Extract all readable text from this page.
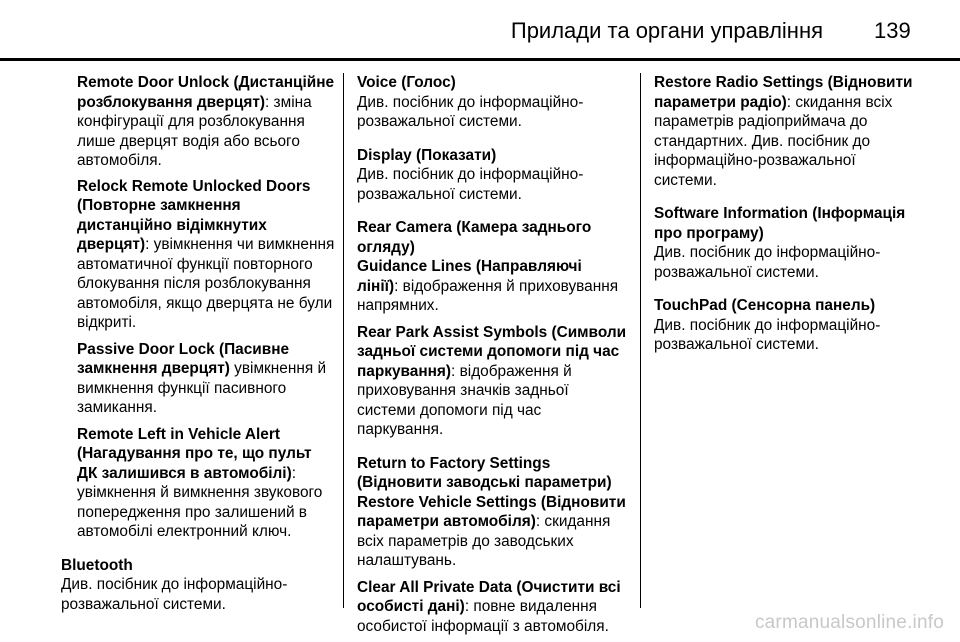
Прилади та органи управління 139

Remote Door Unlock (Дистанційне розблокування дверцят): зміна конфігурації для розблокування лише дверцят водія або всього автомобіля.

Relock Remote Unlocked Doors (Повторне замкнення дистанційно відімкнутих дверцят): увімкнення чи вимкнення автоматичної функції повторного блокування після розблокування автомобіля, якщо дверцята не були відкриті.

Passive Door Lock (Пасивне замкнення дверцят) увімкнення й вимкнення функції пасивного замикання.

Remote Left in Vehicle Alert (Нагадування про те, що пульт ДК залишився в автомобілі): увімкнення й вимкнення звукового попередження про залишений в автомобілі електронний ключ.

Bluetooth
Див. посібник до інформаційно-розважальної системи.

Voice (Голос)
Див. посібник до інформаційно-розважальної системи.

Display (Показати)
Див. посібник до інформаційно-розважальної системи.

Rear Camera (Камера заднього огляду)

Guidance Lines (Направляючі лінії): відображення й приховування напрямних.

Rear Park Assist Symbols (Символи задньої системи допомоги під час паркування): відображення й приховування значків задньої системи допомоги під час паркування.

Return to Factory Settings (Відновити заводські параметри)

Restore Vehicle Settings (Відновити параметри автомобіля): скидання всіх параметрів до заводських налаштувань.

Clear All Private Data (Очистити всі особисті дані): повне видалення особистої інформації з автомобіля.

Restore Radio Settings (Відновити параметри радіо): скидання всіх параметрів радіоприймача до стандартних. Див. посібник до інформаційно-розважальної системи.

Software Information (Інформація про програму)
Див. посібник до інформаційно-розважальної системи.

TouchPad (Сенсорна панель)
Див. посібник до інформаційно-розважальної системи.

carmanualsonline.info
